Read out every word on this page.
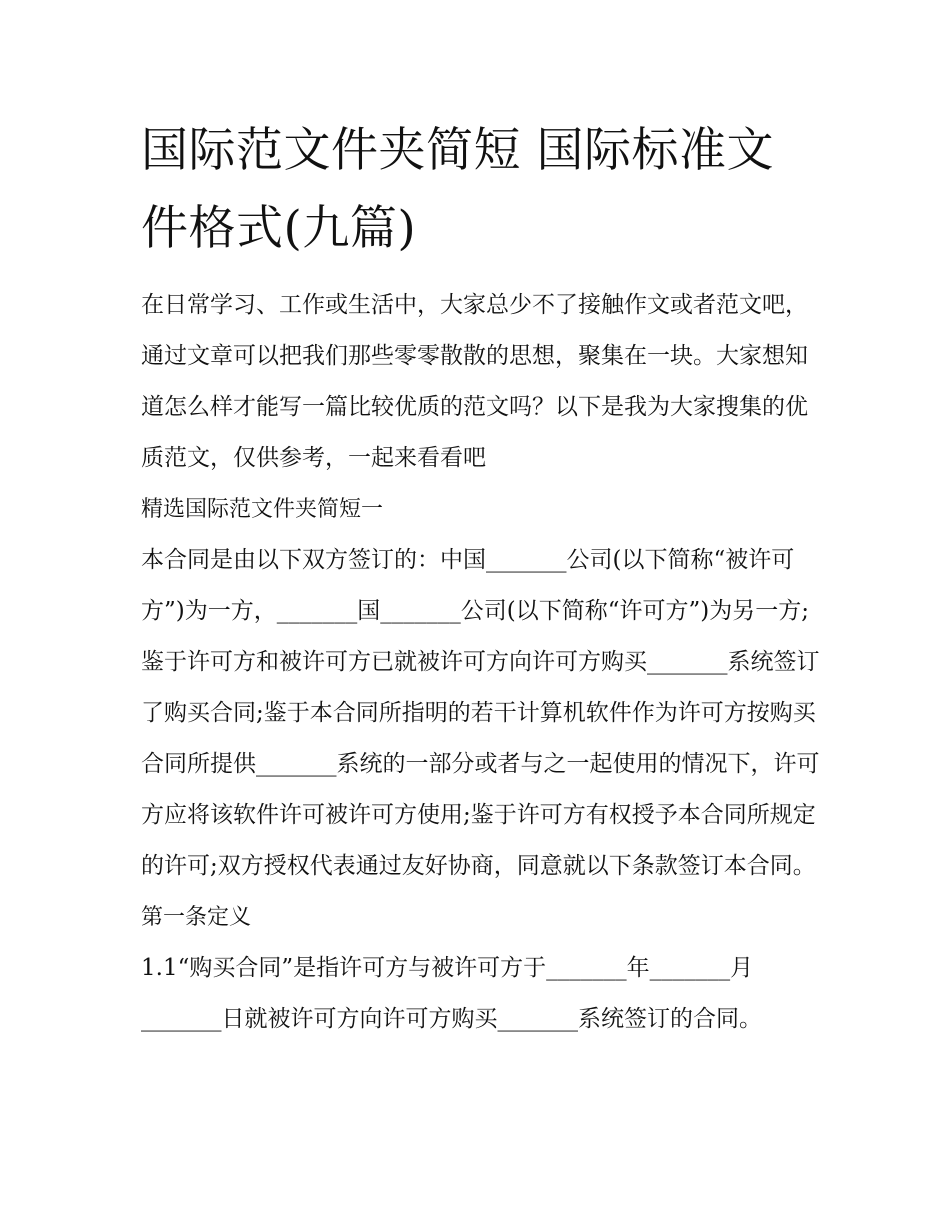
国际范文件夹简短 国际标准文件格式(九篇)

在日常学习、工作或生活中，大家总少不了接触作文或者范文吧，通过文章可以把我们那些零零散散的思想，聚集在一块。大家想知道怎么样才能写一篇比较优质的范文吗？以下是我为大家搜集的优质范文，仅供参考，一起来看看吧

精选国际范文件夹简短一

本合同是由以下双方签订的：中国_______公司(以下简称“被许可方”)为一方，_______国_______公司(以下简称“许可方”)为另一方;鉴于许可方和被许可方已就被许可方向许可方购买_______系统签订了购买合同;鉴于本合同所指明的若干计算机软件作为许可方按购买合同所提供_______系统的一部分或者与之一起使用的情况下，许可方应将该软件许可被许可方使用;鉴于许可方有权授予本合同所规定的许可;双方授权代表通过友好协商，同意就以下条款签订本合同。

第一条定义

1.1“购买合同”是指许可方与被许可方于_______年_______月_______日就被许可方向许可方购买_______系统签订的合同。
